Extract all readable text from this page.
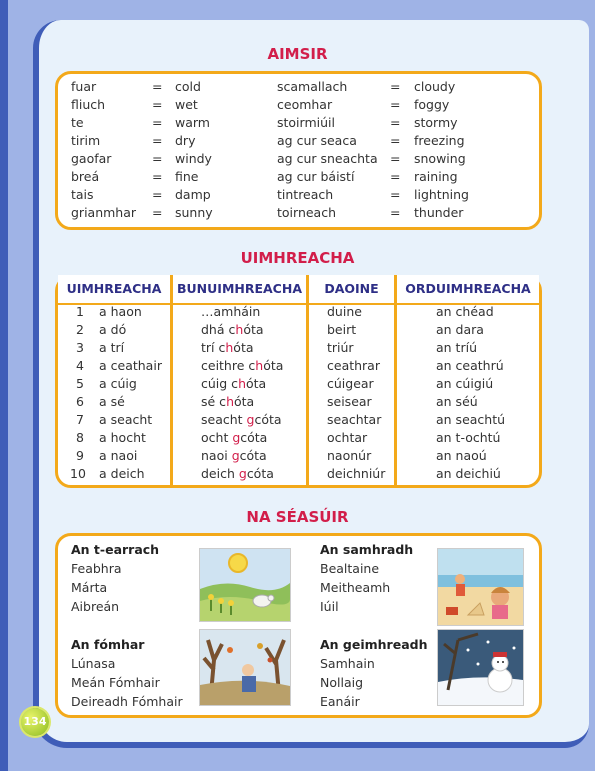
AIMSIR
fuar	= cold	scamallach	= cloudy
fliuch	= wet	ceomhar	= foggy
te	= warm	stoirmiúil	= stormy
tirim	= dry	ag cur seaca	= freezing
gaofar	= windy	ag cur sneachta = snowing
breá	= fine	ag cur báistí	= raining
tais	= damp	tintreach	= lightning
grianmhar = sunny	toirneach	= thunder
UIMHREACHA
UIMHREACHA	BUNUIMHREACHA	DAOINE	ORDUIMHREACHA
1 a haon	…amháin	duine	an chéad
2 a dó	dhá chóta	beirt	an dara
3 a trí	trí chóta	triúr	an tríú
4 a ceathair	ceithre chóta	ceathrar	an ceathrú
5 a cúig	cúig chóta	cúigear	an cúigiú
6 a sé	sé chóta	seisear	an séú
7 a seacht	seacht gcóta	seachtar	an seachtú
8 a hocht	ocht gcóta	ochtar	an t-ochtú
9 a naoi	naoi gcóta	naonúr	an naoú
10 a deich	deich gcóta	deichniúr	an deichiú
NA SÉASÚIR
An t-earrach
Feabhra
Márta
Aibreán
An samhradh
Bealtaine
Meitheamh
Iúil
An fómhar
Lúnasa
Meán Fómhair
Deireadh Fómhair
An geimhreadh
Samhain
Nollaig
Eanáir
134
